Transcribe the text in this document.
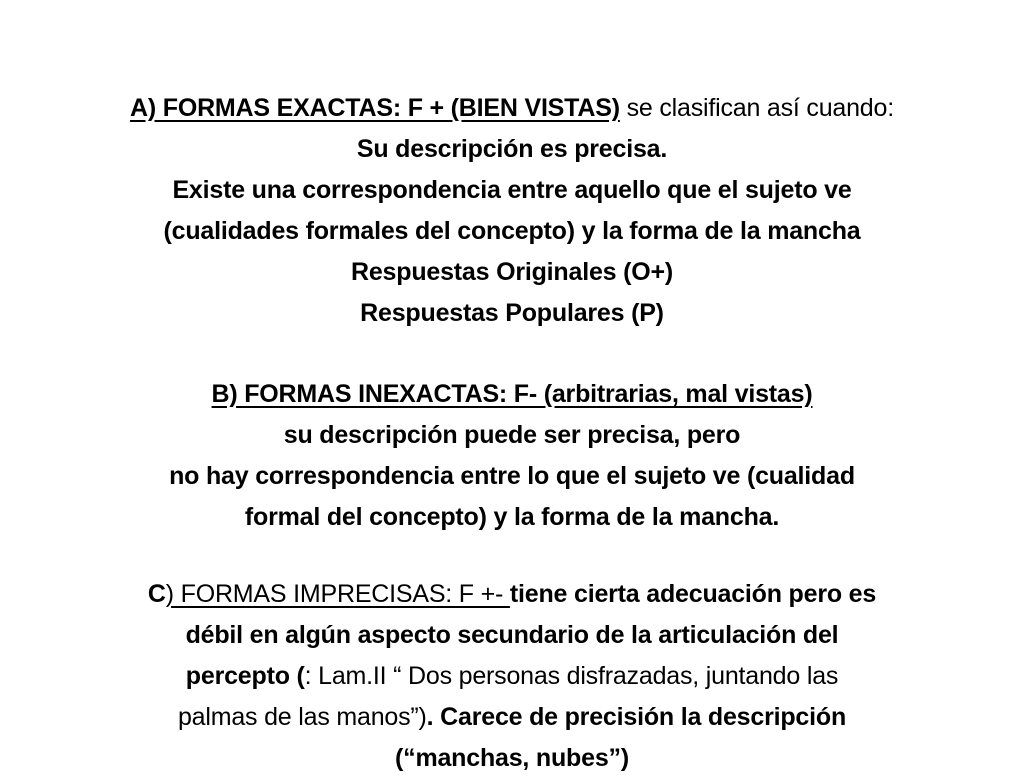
A) FORMAS EXACTAS: F + (BIEN VISTAS) se clasifican así cuando:
Su descripción es precisa.
Existe una correspondencia entre aquello que el sujeto ve
(cualidades formales del concepto) y la forma de la mancha
Respuestas Originales (O+)
Respuestas Populares (P)
B) FORMAS INEXACTAS: F- (arbitrarias, mal vistas)
su descripción puede ser precisa, pero
no hay correspondencia entre lo que el sujeto ve (cualidad
formal del concepto) y la forma de la mancha.
C) FORMAS IMPRECISAS: F +- tiene cierta adecuación pero es
débil en algún aspecto secundario de la articulación del
percepto (: Lam.II “ Dos personas disfrazadas, juntando las
palmas de las manos”). Carece de precisión la descripción
(“manchas, nubes”)
